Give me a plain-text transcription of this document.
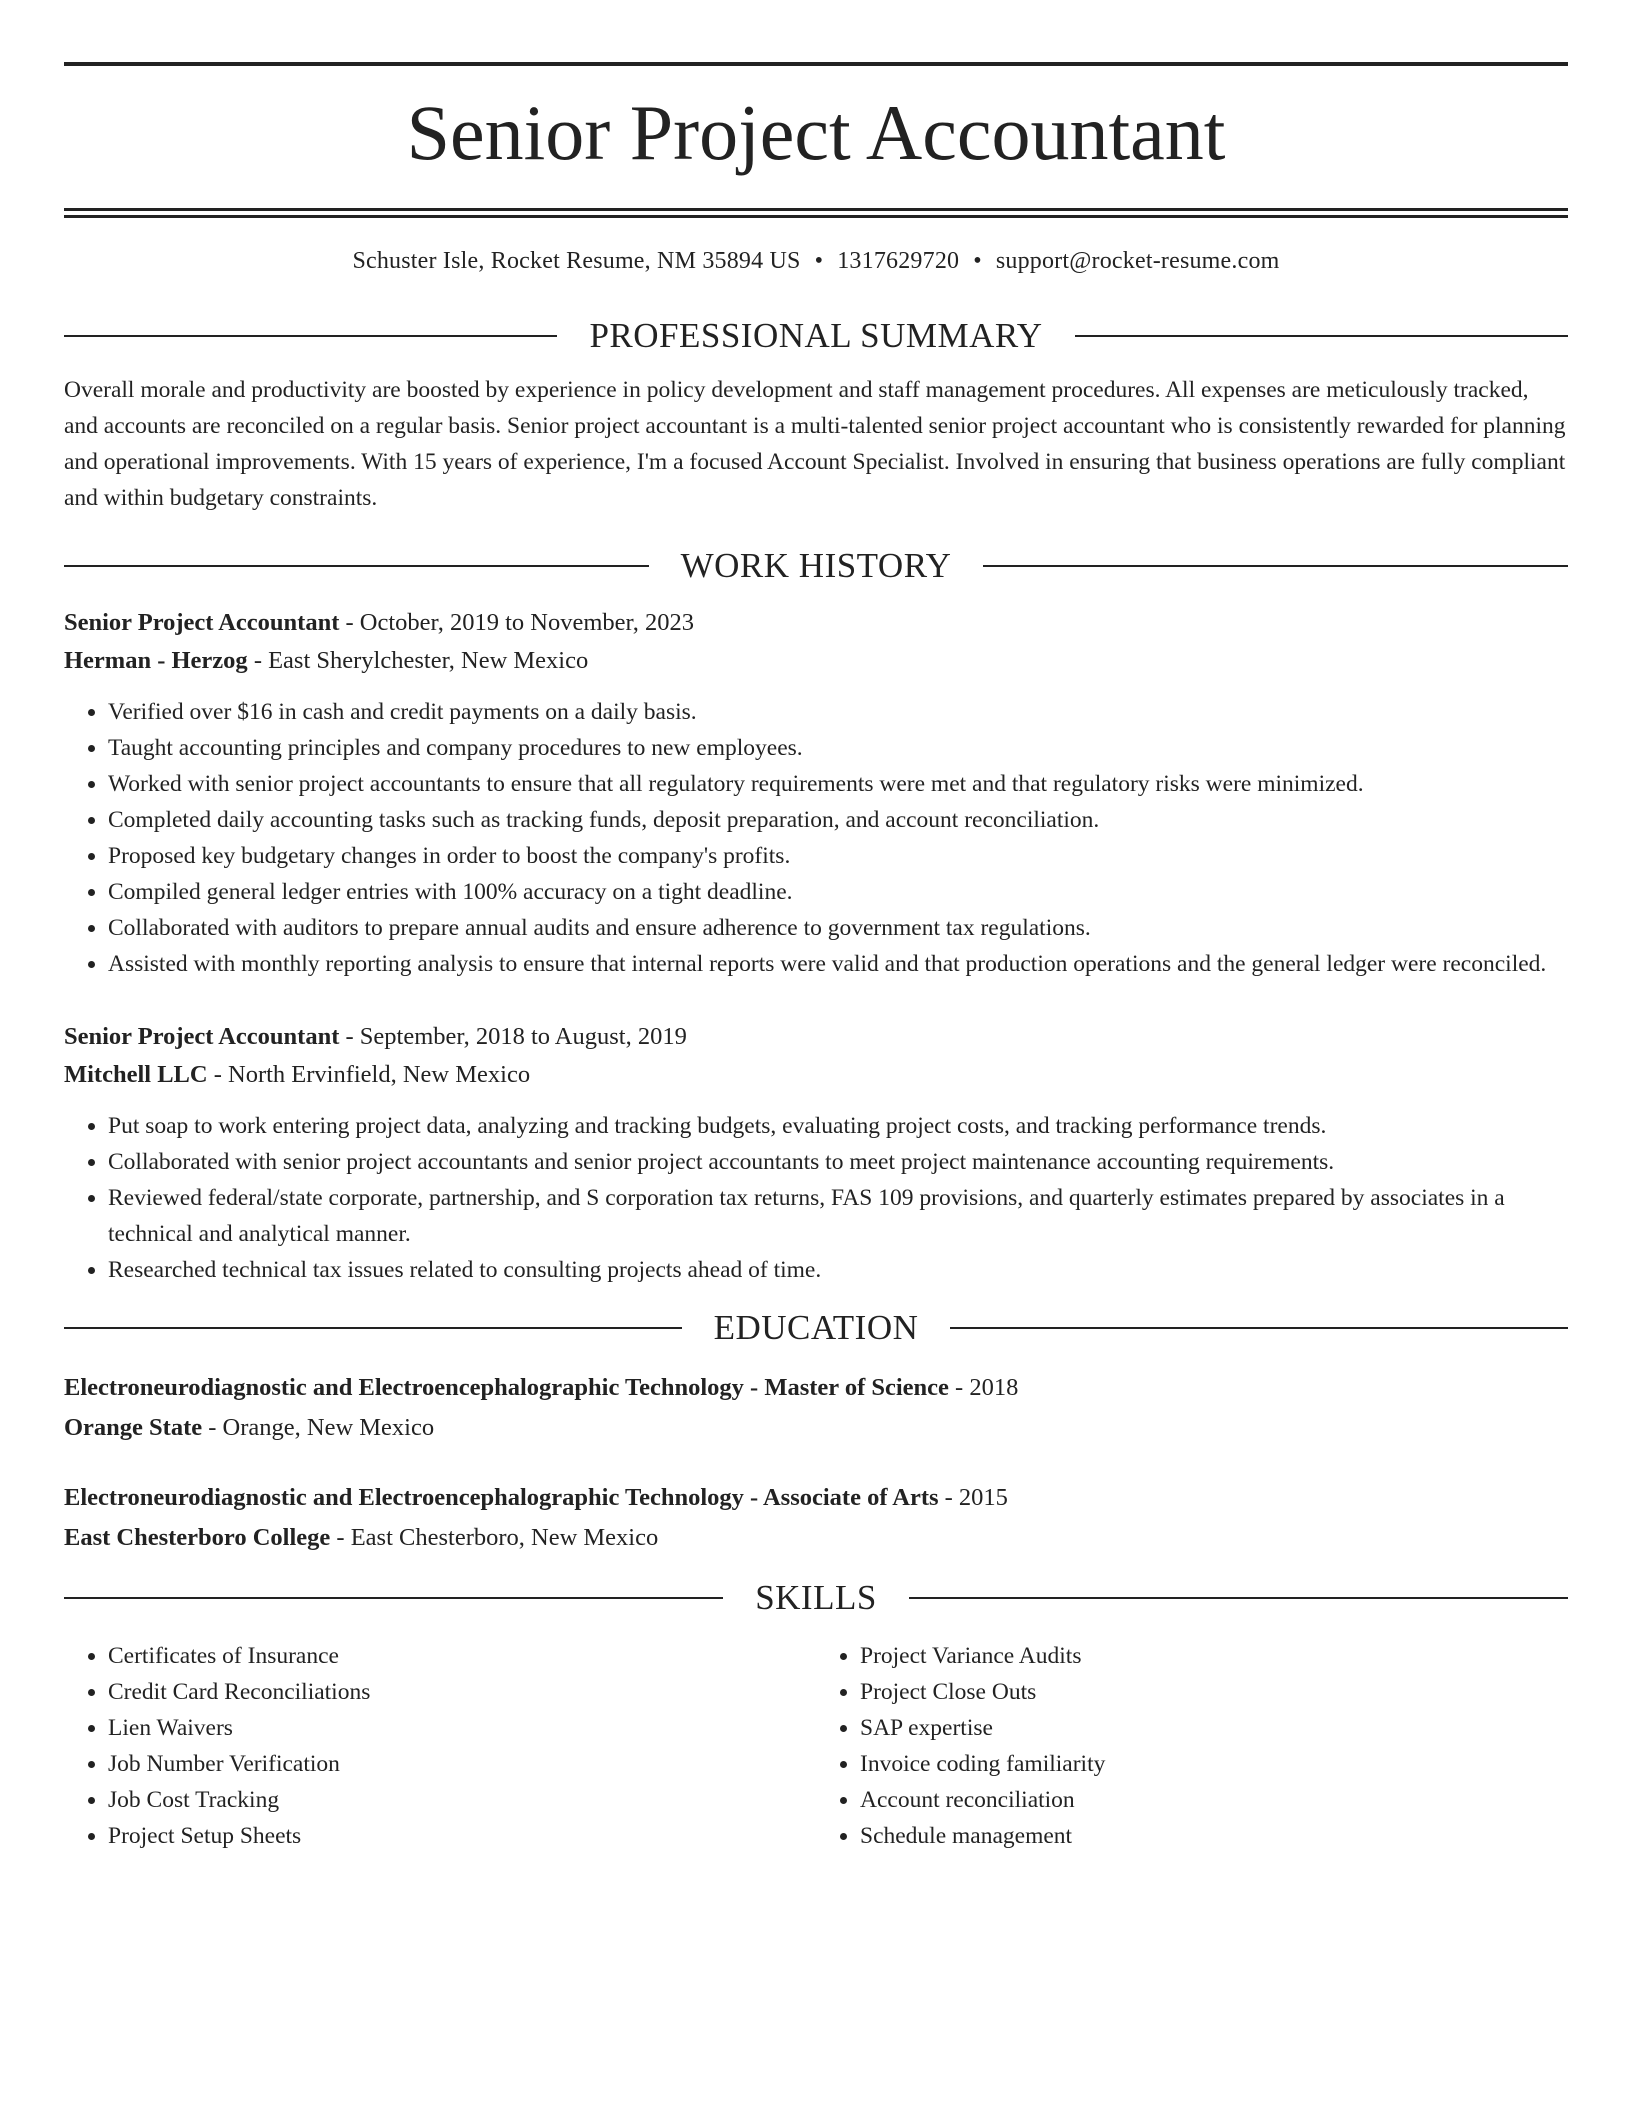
Senior Project Accountant
Schuster Isle, Rocket Resume, NM 35894 US • 1317629720 • support@rocket-resume.com
PROFESSIONAL SUMMARY
Overall morale and productivity are boosted by experience in policy development and staff management procedures. All expenses are meticulously tracked, and accounts are reconciled on a regular basis. Senior project accountant is a multi-talented senior project accountant who is consistently rewarded for planning and operational improvements. With 15 years of experience, I'm a focused Account Specialist. Involved in ensuring that business operations are fully compliant and within budgetary constraints.
WORK HISTORY
Senior Project Accountant - October, 2019 to November, 2023
Herman - Herzog - East Sherylchester, New Mexico
• Verified over $16 in cash and credit payments on a daily basis.
• Taught accounting principles and company procedures to new employees.
• Worked with senior project accountants to ensure that all regulatory requirements were met and that regulatory risks were minimized.
• Completed daily accounting tasks such as tracking funds, deposit preparation, and account reconciliation.
• Proposed key budgetary changes in order to boost the company's profits.
• Compiled general ledger entries with 100% accuracy on a tight deadline.
• Collaborated with auditors to prepare annual audits and ensure adherence to government tax regulations.
• Assisted with monthly reporting analysis to ensure that internal reports were valid and that production operations and the general ledger were reconciled.
Senior Project Accountant - September, 2018 to August, 2019
Mitchell LLC - North Ervinfield, New Mexico
• Put soap to work entering project data, analyzing and tracking budgets, evaluating project costs, and tracking performance trends.
• Collaborated with senior project accountants and senior project accountants to meet project maintenance accounting requirements.
• Reviewed federal/state corporate, partnership, and S corporation tax returns, FAS 109 provisions, and quarterly estimates prepared by associates in a technical and analytical manner.
• Researched technical tax issues related to consulting projects ahead of time.
EDUCATION
Electroneurodiagnostic and Electroencephalographic Technology - Master of Science - 2018
Orange State - Orange, New Mexico
Electroneurodiagnostic and Electroencephalographic Technology - Associate of Arts - 2015
East Chesterboro College - East Chesterboro, New Mexico
SKILLS
• Certificates of Insurance
• Credit Card Reconciliations
• Lien Waivers
• Job Number Verification
• Job Cost Tracking
• Project Setup Sheets
• Project Variance Audits
• Project Close Outs
• SAP expertise
• Invoice coding familiarity
• Account reconciliation
• Schedule management
